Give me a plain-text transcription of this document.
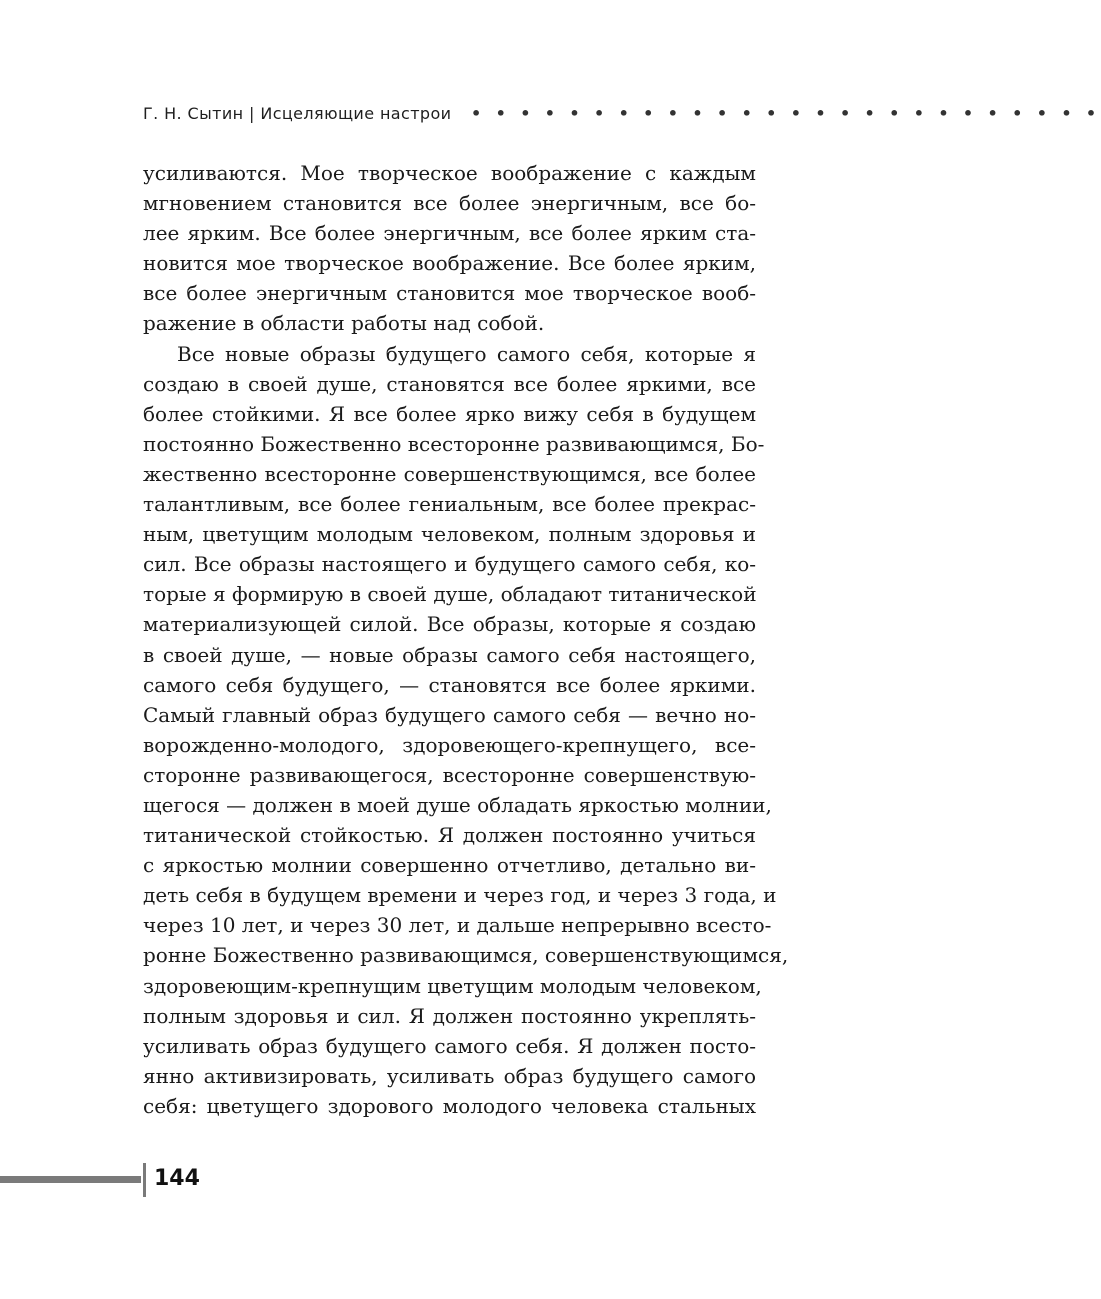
Г. Н. Сытин | Исцеляющие настрои • • • • • • • • • • • • • • • • • • • • • • • • • •
усиливаются. Мое творческое воображение с каждым
мгновением становится все более энергичным, все бо-
лее ярким. Все более энергичным, все более ярким ста-
новится мое творческое воображение. Все более ярким,
все более энергичным становится мое творческое вооб-
ражение в области работы над собой.
Все новые образы будущего самого себя, которые я
создаю в своей душе, становятся все более яркими, все
более стойкими. Я все более ярко вижу себя в будущем
постоянно Божественно всесторонне развивающимся, Бо-
жественно всесторонне совершенствующимся, все более
талантливым, все более гениальным, все более прекрас-
ным, цветущим молодым человеком, полным здоровья и
сил. Все образы настоящего и будущего самого себя, ко-
торые я формирую в своей душе, обладают титанической
материализующей силой. Все образы, которые я создаю
в своей душе, — новые образы самого себя настоящего,
самого себя будущего, — становятся все более яркими.
Самый главный образ будущего самого себя — вечно но-
ворожденно-молодого, здоровеющего-крепнущего, все-
сторонне развивающегося, всесторонне совершенствую-
щегося — должен в моей душе обладать яркостью молнии,
титанической стойкостью. Я должен постоянно учиться
с яркостью молнии совершенно отчетливо, детально ви-
деть себя в будущем времени и через год, и через 3 года, и
через 10 лет, и через 30 лет, и дальше непрерывно всесто-
ронне Божественно развивающимся, совершенствующимся,
здоровеющим-крепнущим цветущим молодым человеком,
полным здоровья и сил. Я должен постоянно укреплять-
усиливать образ будущего самого себя. Я должен посто-
янно активизировать, усиливать образ будущего самого
себя: цветущего здорового молодого человека стальных
144
